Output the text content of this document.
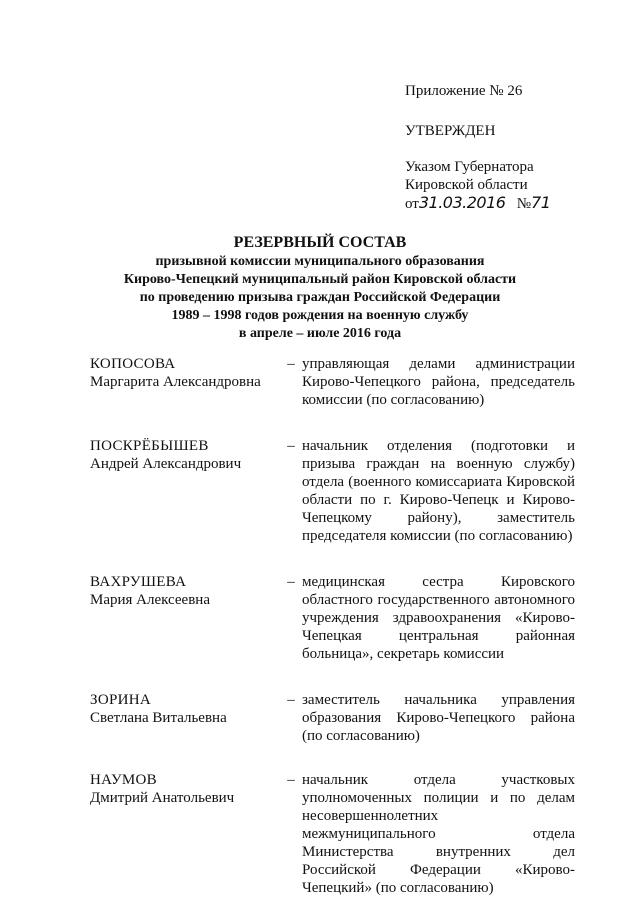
Приложение № 26
УТВЕРЖДЕН
Указом Губернатора
Кировской области
от31.03.2016 №71
РЕЗЕРВНЫЙ СОСТАВ
призывной комиссии муниципального образования
Кирово-Чепецкий муниципальный район Кировской области
по проведению призыва граждан Российской Федерации
1989 – 1998 годов рождения на военную службу
в апреле – июле 2016 года
КОПОСОВА
Маргарита Александровна
– управляющая делами администрации Кирово-Чепецкого района, председатель комиссии (по согласованию)
ПОСКРЁБЫШЕВ
Андрей Александрович
– начальник отделения (подготовки и призыва граждан на военную службу) отдела (военного комиссариата Кировской области по г. Кирово-Чепецк и Кирово-Чепецкому району), заместитель председателя комиссии (по согласованию)
ВАХРУШЕВА
Мария Алексеевна
– медицинская сестра Кировского областного государственного автономного учреждения здравоохранения «Кирово-Чепецкая центральная районная больница», секретарь комиссии
ЗОРИНА
Светлана Витальевна
– заместитель начальника управления образования Кирово-Чепецкого района (по согласованию)
НАУМОВ
Дмитрий Анатольевич
– начальник отдела участковых уполномоченных полиции и по делам несовершеннолетних межмуниципального отдела Министерства внутренних дел Российской Федерации «Кирово-Чепецкий» (по согласованию)
